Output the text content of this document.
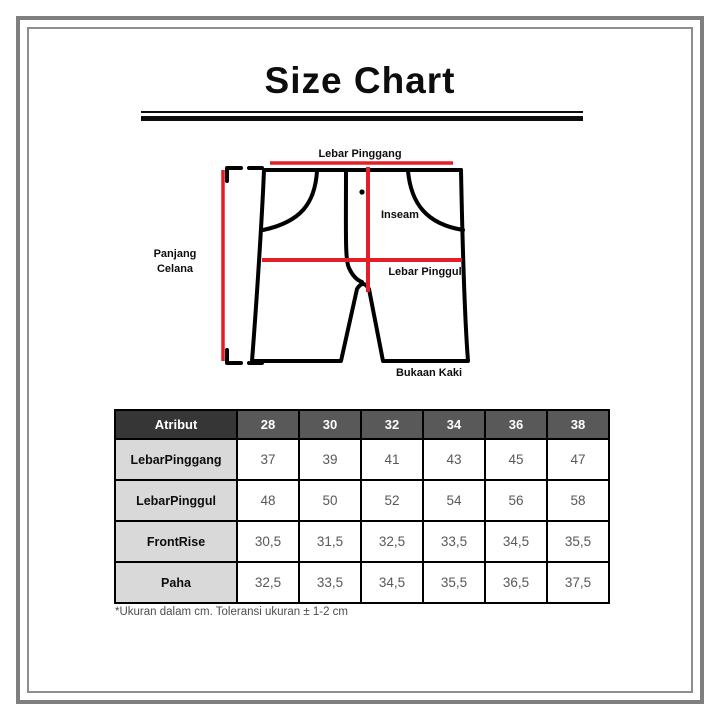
Size Chart
Lebar Pinggang
Inseam
Lebar Pinggul
Panjang
Celana
Bukaan Kaki
Atribut	28	30	32	34	36	38
LebarPinggang	37	39	41	43	45	47
LebarPinggul	48	50	52	54	56	58
FrontRise	30,5	31,5	32,5	33,5	34,5	35,5
Paha	32,5	33,5	34,5	35,5	36,5	37,5
*Ukuran dalam cm. Toleransi ukuran ± 1-2 cm
